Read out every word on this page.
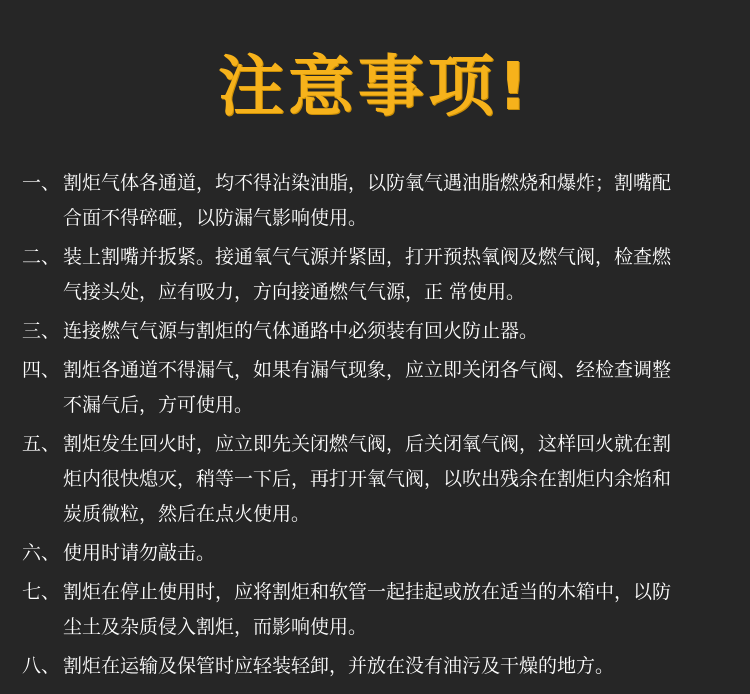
注意事项!
一、 割炬气体各通道，均不得沾染油脂，以防氧气遇油脂燃烧和爆炸；割嘴配
合面不得碎砸，以防漏气影响使用。
二、 装上割嘴并扳紧。接通氧气气源并紧固，打开预热氧阀及燃气阀，检查燃
气接头处，应有吸力，方向接通燃气气源，正 常使用。
三、 连接燃气气源与割炬的气体通路中必须装有回火防止器。
四、 割炬各通道不得漏气，如果有漏气现象，应立即关闭各气阀、经检查调整
不漏气后，方可使用。
五、 割炬发生回火时，应立即先关闭燃气阀，后关闭氧气阀，这样回火就在割
炬内很快熄灭，稍等一下后，再打开氧气阀，以吹出残余在割炬内余焰和
炭质微粒，然后在点火使用。
六、 使用时请勿敲击。
七、 割炬在停止使用时，应将割炬和软管一起挂起或放在适当的木箱中，以防
尘土及杂质侵入割炬，而影响使用。
八、 割炬在运输及保管时应轻装轻卸，并放在没有油污及干燥的地方。
